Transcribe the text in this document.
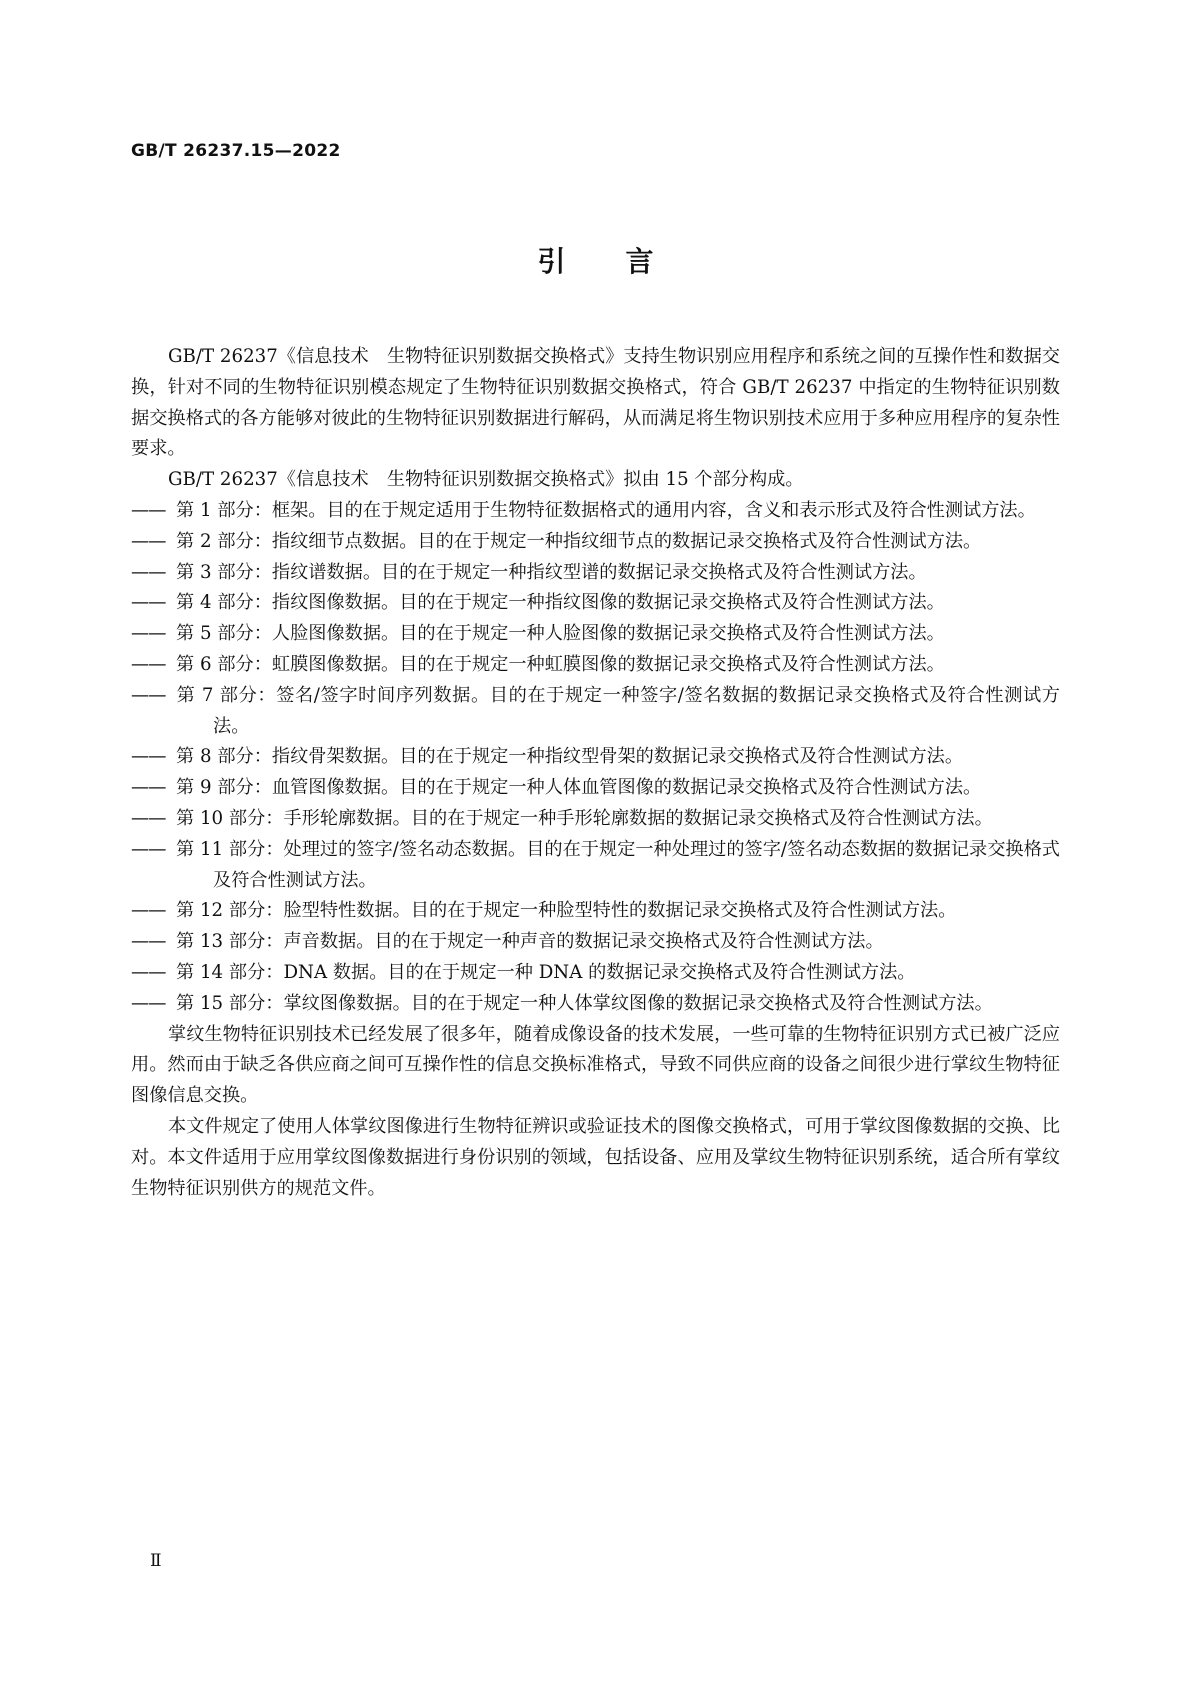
GB/T 26237.15—2022
引言

GB/T 26237《信息技术　生物特征识别数据交换格式》支持生物识别应用程序和系统之间的互操作性和数据交换，针对不同的生物特征识别模态规定了生物特征识别数据交换格式，符合 GB/T 26237 中指定的生物特征识别数据交换格式的各方能够对彼此的生物特征识别数据进行解码，从而满足将生物识别技术应用于多种应用程序的复杂性要求。

GB/T 26237《信息技术　生物特征识别数据交换格式》拟由 15 个部分构成。

—— 第 1 部分：框架。目的在于规定适用于生物特征数据格式的通用内容，含义和表示形式及符合性测试方法。
—— 第 2 部分：指纹细节点数据。目的在于规定一种指纹细节点的数据记录交换格式及符合性测试方法。
—— 第 3 部分：指纹谱数据。目的在于规定一种指纹型谱的数据记录交换格式及符合性测试方法。
—— 第 4 部分：指纹图像数据。目的在于规定一种指纹图像的数据记录交换格式及符合性测试方法。
—— 第 5 部分：人脸图像数据。目的在于规定一种人脸图像的数据记录交换格式及符合性测试方法。
—— 第 6 部分：虹膜图像数据。目的在于规定一种虹膜图像的数据记录交换格式及符合性测试方法。
—— 第 7 部分：签名/签字时间序列数据。目的在于规定一种签字/签名数据的数据记录交换格式及符合性测试方法。
—— 第 8 部分：指纹骨架数据。目的在于规定一种指纹型骨架的数据记录交换格式及符合性测试方法。
—— 第 9 部分：血管图像数据。目的在于规定一种人体血管图像的数据记录交换格式及符合性测试方法。
—— 第 10 部分：手形轮廓数据。目的在于规定一种手形轮廓数据的数据记录交换格式及符合性测试方法。
—— 第 11 部分：处理过的签字/签名动态数据。目的在于规定一种处理过的签字/签名动态数据的数据记录交换格式及符合性测试方法。
—— 第 12 部分：脸型特性数据。目的在于规定一种脸型特性的数据记录交换格式及符合性测试方法。
—— 第 13 部分：声音数据。目的在于规定一种声音的数据记录交换格式及符合性测试方法。
—— 第 14 部分：DNA 数据。目的在于规定一种 DNA 的数据记录交换格式及符合性测试方法。
—— 第 15 部分：掌纹图像数据。目的在于规定一种人体掌纹图像的数据记录交换格式及符合性测试方法。

掌纹生物特征识别技术已经发展了很多年，随着成像设备的技术发展，一些可靠的生物特征识别方式已被广泛应用。然而由于缺乏各供应商之间可互操作性的信息交换标准格式，导致不同供应商的设备之间很少进行掌纹生物特征图像信息交换。

本文件规定了使用人体掌纹图像进行生物特征辨识或验证技术的图像交换格式，可用于掌纹图像数据的交换、比对。本文件适用于应用掌纹图像数据进行身份识别的领域，包括设备、应用及掌纹生物特征识别系统，适合所有掌纹生物特征识别供方的规范文件。

Ⅱ
